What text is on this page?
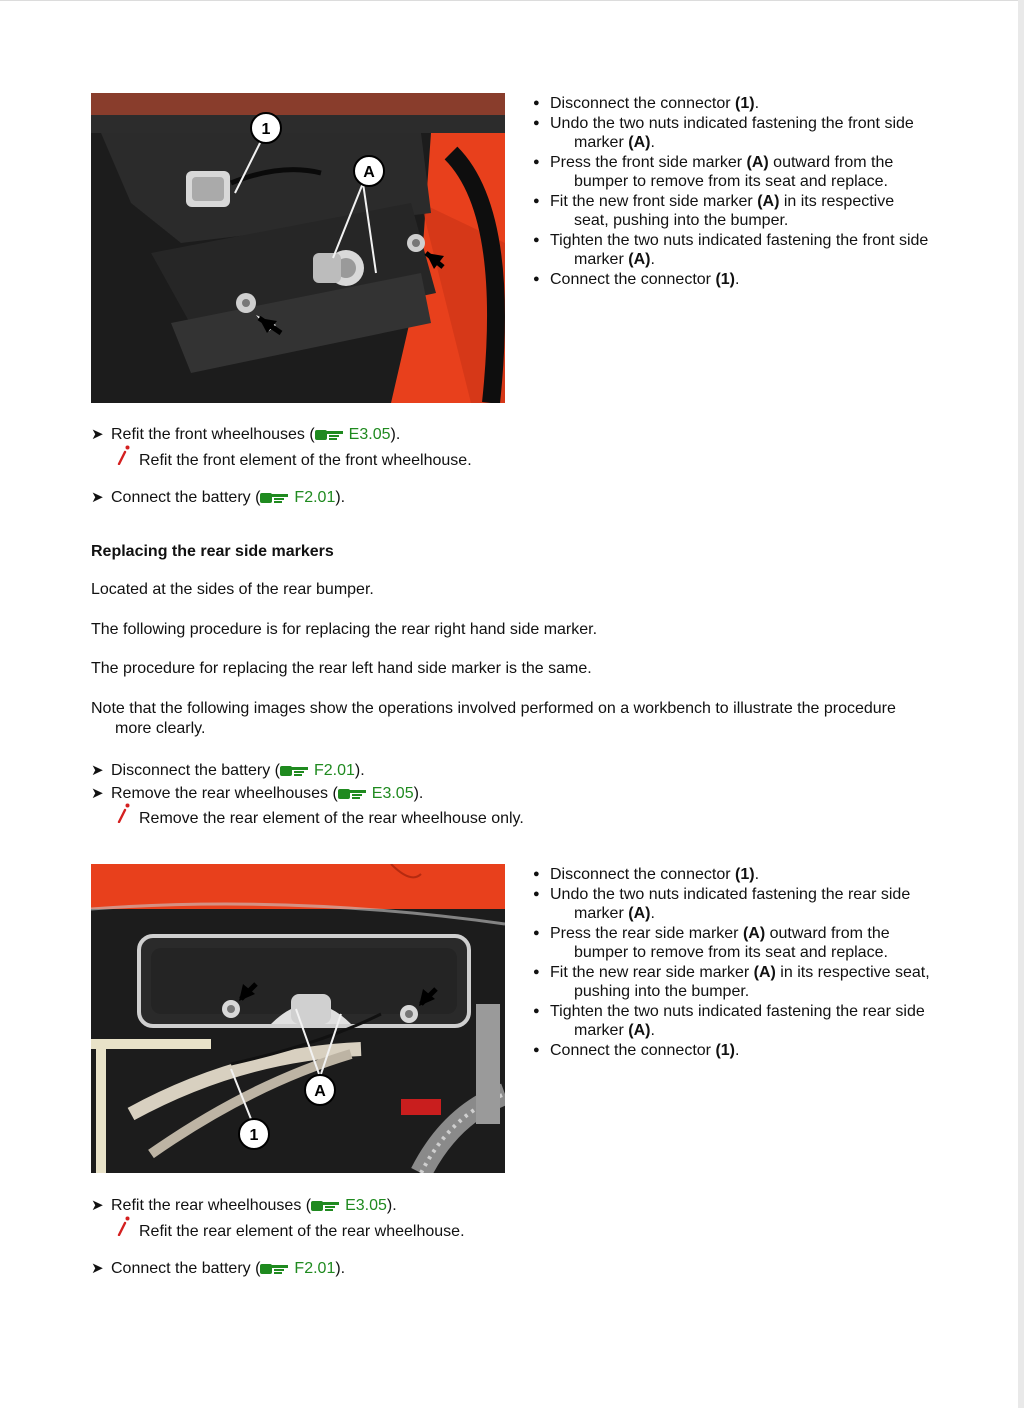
1
A
● Disconnect the connector (1).
● Undo the two nuts indicated fastening the front side marker (A).
● Press the front side marker (A) outward from the bumper to remove from its seat and replace.
● Fit the new front side marker (A) in its respective seat, pushing into the bumper.
● Tighten the two nuts indicated fastening the front side marker (A).
● Connect the connector (1).
➤ Refit the front wheelhouses ( E3.05).
Refit the front element of the front wheelhouse.
➤ Connect the battery ( F2.01).
Replacing the rear side markers
Located at the sides of the rear bumper.
The following procedure is for replacing the rear right hand side marker.
The procedure for replacing the rear left hand side marker is the same.
Note that the following images show the operations involved performed on a workbench to illustrate the procedure more clearly.
➤ Disconnect the battery ( F2.01).
➤ Remove the rear wheelhouses ( E3.05).
Remove the rear element of the rear wheelhouse only.
A
1
● Disconnect the connector (1).
● Undo the two nuts indicated fastening the rear side marker (A).
● Press the rear side marker (A) outward from the bumper to remove from its seat and replace.
● Fit the new rear side marker (A) in its respective seat, pushing into the bumper.
● Tighten the two nuts indicated fastening the rear side marker (A).
● Connect the connector (1).
➤ Refit the rear wheelhouses ( E3.05).
Refit the rear element of the rear wheelhouse.
➤ Connect the battery ( F2.01).
